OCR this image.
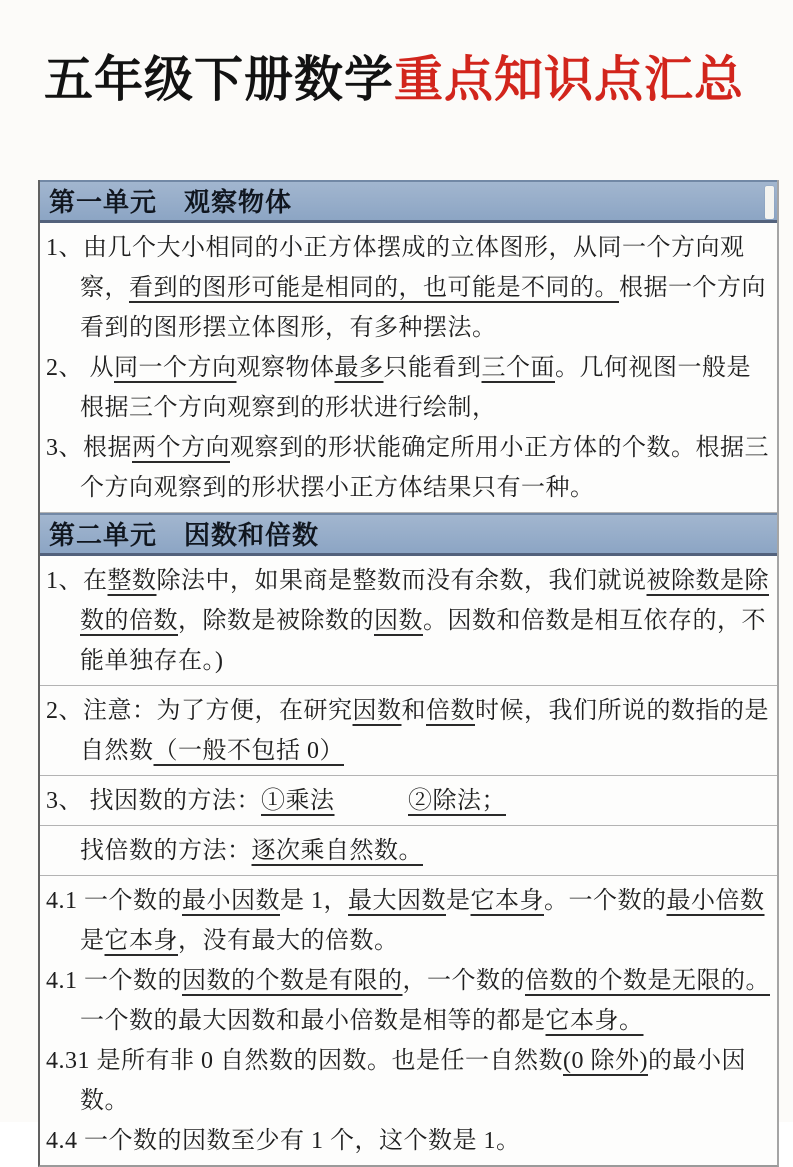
五年级下册数学重点知识点汇总
第一单元　观察物体

1、由几个大小相同的小正方体摆成的立体图形，从同一个方向观察，看到的图形可能是相同的，也可能是不同的。根据一个方向看到的图形摆立体图形，有多种摆法。

2、 从同一个方向观察物体最多只能看到三个面。几何视图一般是根据三个方向观察到的形状进行绘制，

3、根据两个方向观察到的形状能确定所用小正方体的个数。根据三个方向观察到的形状摆小正方体结果只有一种。

第二单元　因数和倍数

1、在整数除法中，如果商是整数而没有余数，我们就说被除数是除数的倍数，除数是被除数的因数。因数和倍数是相互依存的，不能单独存在。)

2、注意：为了方便，在研究因数和倍数时候，我们所说的数指的是自然数（一般不包括 0）

3、 找因数的方法：①乘法　　　	②除法；

找倍数的方法：逐次乘自然数。

4.1 一个数的最小因数是 1，最大因数是它本身。一个数的最小倍数是它本身，没有最大的倍数。

4.1 一个数的因数的个数是有限的，一个数的倍数的个数是无限的。一个数的最大因数和最小倍数是相等的都是它本身。

4.31 是所有非 0 自然数的因数。也是任一自然数(0 除外)的最小因数。

4.4 一个数的因数至少有 1 个，这个数是 1。
